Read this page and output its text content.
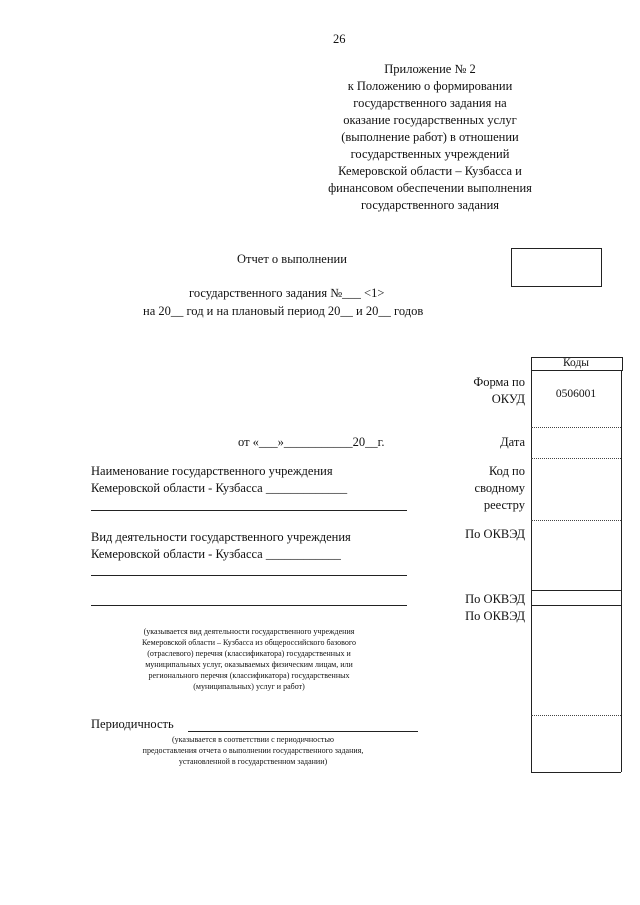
26
Приложение № 2
к Положению о формировании
государственного задания на
оказание государственных услуг
(выполнение работ) в отношении
государственных учреждений
Кемеровской области – Кузбасса и
финансовом обеспечении выполнения
государственного задания
Отчет о выполнении
государственного задания №___ <1>
на 20__ год и на плановый период 20__ и 20__ годов
Коды
0506001
Форма по
ОКУД
Дата
Код по
сводному
реестру
По ОКВЭД
По ОКВЭД
По ОКВЭД
от «___»___________20__г.
Наименование государственного учреждения
Кемеровской области - Кузбасса _____________
Вид деятельности государственного учреждения
Кемеровской области - Кузбасса ____________
(указывается вид деятельности государственного учреждения
Кемеровской области – Кузбасса из общероссийского базового
(отраслевого) перечня (классификатора) государственных и
муниципальных услуг, оказываемых физическим лицам, или
регионального перечня (классификатора) государственных
(муниципальных) услуг и работ)
Периодичность
(указывается в соответствии с периодичностью
предоставления отчета о выполнении государственного задания,
установленной в государственном задании)
